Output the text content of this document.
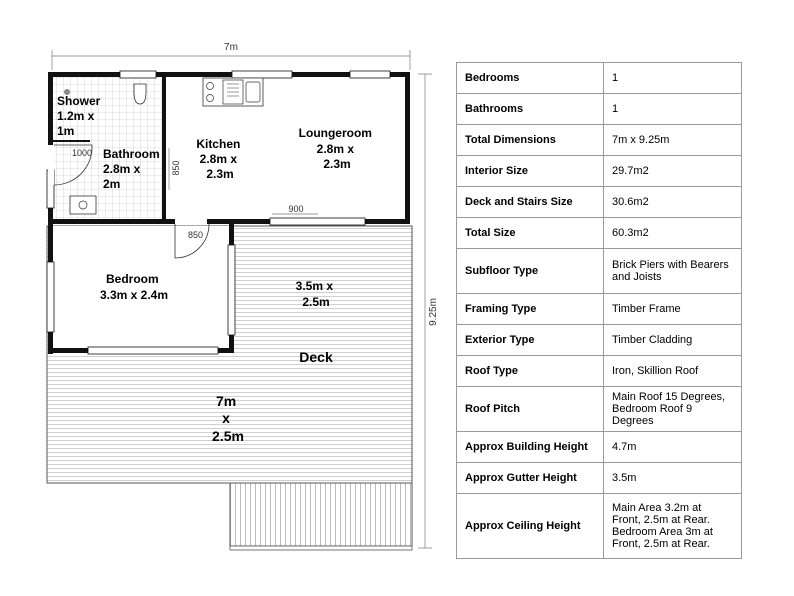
7m
9.25m
900
850
1000
850
Shower 1.2m x 1m
Bathroom 2.8m x 2m
Kitchen 2.8m x 2.3m
Loungeroom 2.8m x 2.3m
Bedroom 3.3m x 2.4m
3.5m x 2.5m
Deck
7m x 2.5m
Bedrooms	1
Bathrooms	1
Total Dimensions	7m x 9.25m
Interior Size	29.7m2
Deck and Stairs Size	30.6m2
Total Size	60.3m2
Subfloor Type	Brick Piers with Bearers and Joists
Framing Type	Timber Frame
Exterior Type	Timber Cladding
Roof Type	Iron, Skillion Roof
Roof Pitch	Main Roof 15 Degrees, Bedroom Roof 9 Degrees
Approx Building Height	4.7m
Approx Gutter Height	3.5m
Approx Ceiling Height	Main Area 3.2m at Front, 2.5m at Rear. Bedroom Area 3m at Front, 2.5m at Rear.
